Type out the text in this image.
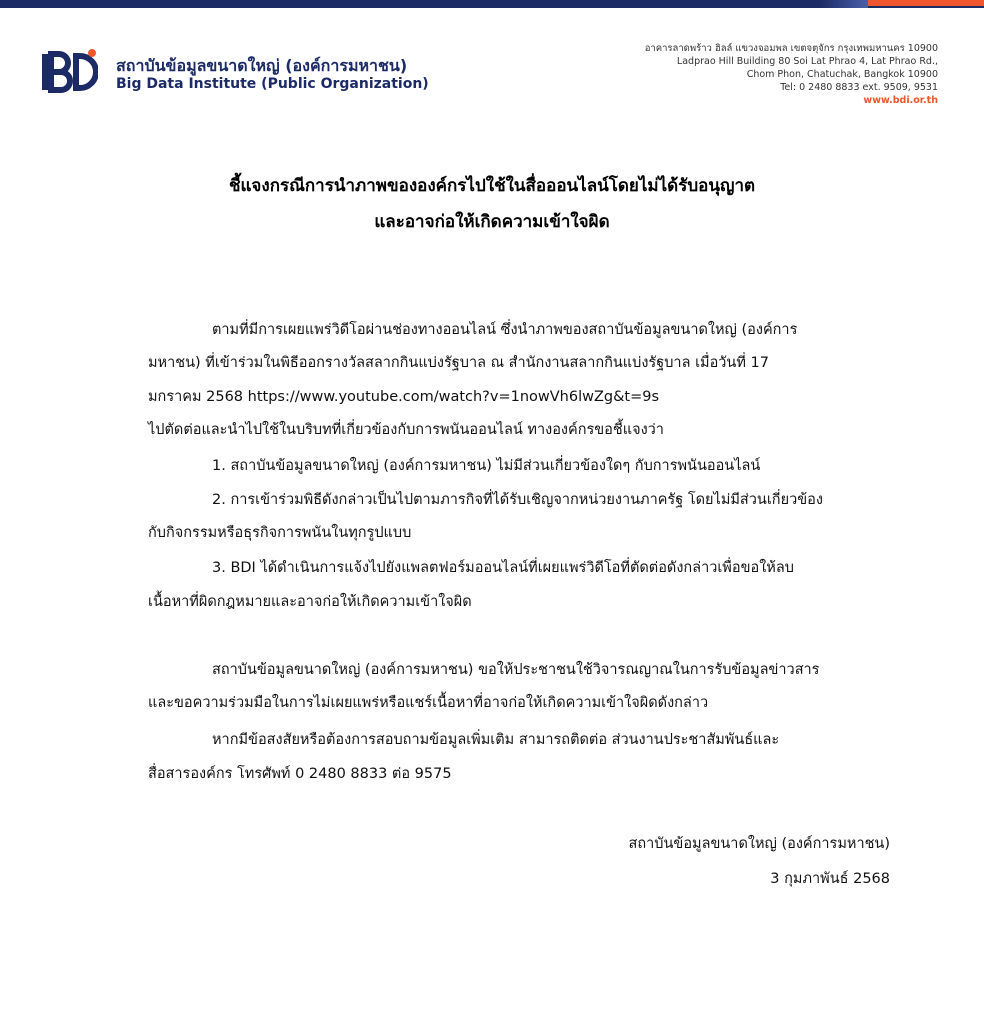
สถาบันข้อมูลขนาดใหญ่ (องค์การมหาชน)
Big Data Institute (Public Organization)
อาคารลาดพร้าว ฮิลล์ แขวงจอมพล เขตจตุจักร กรุงเทพมหานคร 10900
Ladprao Hill Building 80 Soi Lat Phrao 4, Lat Phrao Rd.,
Chom Phon, Chatuchak, Bangkok 10900
Tel: 0 2480 8833 ext. 9509, 9531
www.bdi.or.th
ชี้แจงกรณีการนำภาพขององค์กรไปใช้ในสื่อออนไลน์โดยไม่ได้รับอนุญาต
และอาจก่อให้เกิดความเข้าใจผิด
ตามที่มีการเผยแพร่วิดีโอผ่านช่องทางออนไลน์ ซึ่งนำภาพของสถาบันข้อมูลขนาดใหญ่ (องค์การ
มหาชน) ที่เข้าร่วมในพิธีออกรางวัลสลากกินแบ่งรัฐบาล ณ สำนักงานสลากกินแบ่งรัฐบาล เมื่อวันที่ 17
มกราคม 2568 https://www.youtube.com/watch?v=1nowVh6lwZg&t=9s
ไปตัดต่อและนำไปใช้ในบริบทที่เกี่ยวข้องกับการพนันออนไลน์ ทางองค์กรขอชี้แจงว่า
1. สถาบันข้อมูลขนาดใหญ่ (องค์การมหาชน) ไม่มีส่วนเกี่ยวข้องใดๆ กับการพนันออนไลน์
2. การเข้าร่วมพิธีดังกล่าวเป็นไปตามภารกิจที่ได้รับเชิญจากหน่วยงานภาครัฐ โดยไม่มีส่วนเกี่ยวข้อง
กับกิจกรรมหรือธุรกิจการพนันในทุกรูปแบบ
3. BDI ได้ดำเนินการแจ้งไปยังแพลตฟอร์มออนไลน์ที่เผยแพร่วิดีโอที่ตัดต่อดังกล่าวเพื่อขอให้ลบ
เนื้อหาที่ผิดกฎหมายและอาจก่อให้เกิดความเข้าใจผิด
สถาบันข้อมูลขนาดใหญ่ (องค์การมหาชน) ขอให้ประชาชนใช้วิจารณญาณในการรับข้อมูลข่าวสาร
และขอความร่วมมือในการไม่เผยแพร่หรือแชร์เนื้อหาที่อาจก่อให้เกิดความเข้าใจผิดดังกล่าว
หากมีข้อสงสัยหรือต้องการสอบถามข้อมูลเพิ่มเติม สามารถติดต่อ ส่วนงานประชาสัมพันธ์และ
สื่อสารองค์กร โทรศัพท์ 0 2480 8833 ต่อ 9575
สถาบันข้อมูลขนาดใหญ่ (องค์การมหาชน)
3 กุมภาพันธ์ 2568
